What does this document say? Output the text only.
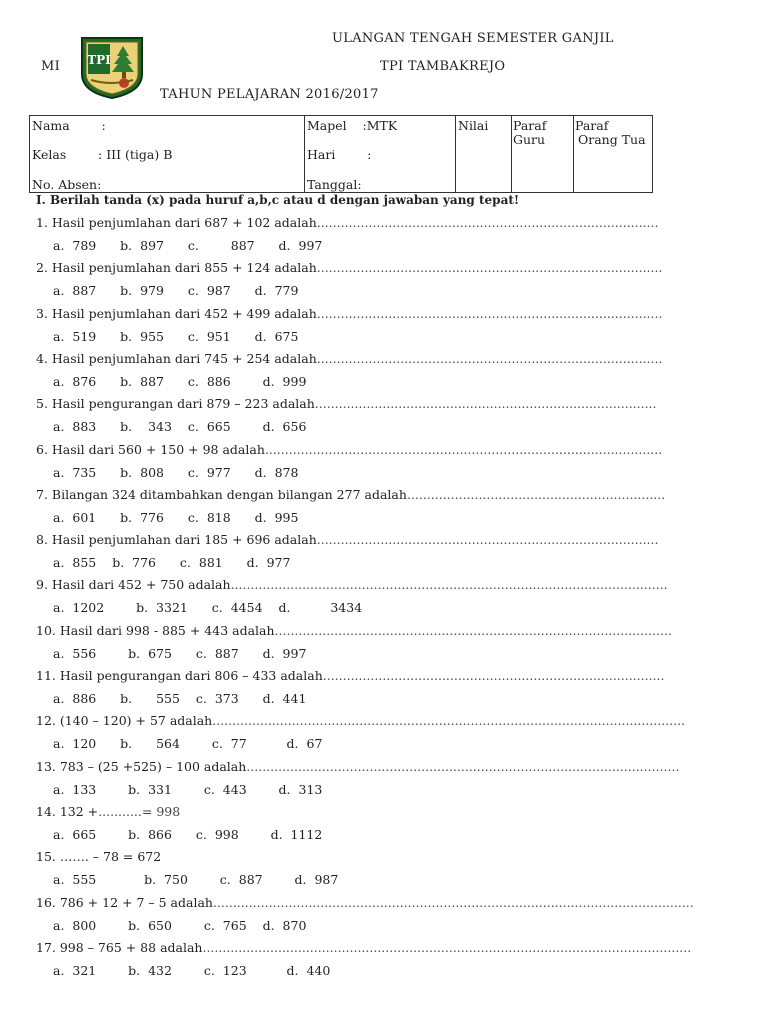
ULANGAN TENGAH SEMESTER GANJIL
MI	TPI TAMBAKREJO
TAHUN PELAJARAN 2016/2017
TPI
Nama        :
Kelas        : III (tiga) B
No. Absen:
Mapel    :MTK
Hari        :
Tanggal:
Nilai Paraf
Guru
Paraf
Orang Tua
I. Berilah tanda (x) pada huruf a,b,c atau d dengan jawaban yang tepat!
1. Hasil penjumlahan dari 687 + 102 adalah......................................................................................
a. 789   b. 897   c.    887   d. 997
2. Hasil penjumlahan dari 855 + 124 adalah.......................................................................................
a. 887   b. 979   c. 987   d. 779
3. Hasil penjumlahan dari 452 + 499 adalah.......................................................................................
a. 519   b. 955   c. 951   d. 675
4. Hasil penjumlahan dari 745 + 254 adalah.......................................................................................
a. 876   b. 887   c. 886    d. 999
5. Hasil pengurangan dari 879 – 223 adalah......................................................................................
a. 883   b.  343  c. 665    d. 656
6. Hasil dari 560 + 150 + 98 adalah....................................................................................................
a. 735   b. 808   c. 977   d. 878
7. Bilangan 324 ditambahkan dengan bilangan 277 adalah.................................................................
a. 601   b. 776   c. 818   d. 995
8. Hasil penjumlahan dari 185 + 696 adalah......................................................................................
a. 855  b. 776   c. 881   d. 977
9. Hasil dari 452 + 750 adalah..............................................................................................................
a. 1202    b. 3321   c. 4454  d.     3434
10. Hasil dari 998 - 885 + 443 adalah....................................................................................................
a. 556    b. 675   c. 887   d. 997
11. Hasil pengurangan dari 806 – 433 adalah......................................................................................
a. 886   b.   555  c. 373   d. 441
12. (140 – 120) + 57 adalah.......................................................................................................................
a. 120   b.   564    c. 77     d. 67
13. 783 – (25 +525) – 100 adalah.............................................................................................................
a. 133    b. 331    c. 443    d. 313
14. 132 +...........= 998
a. 665    b. 866   c. 998    d. 1112
15. ……. – 78 = 672
a. 555      b. 750    c. 887    d. 987
16. 786 + 12 + 7 – 5 adalah.........................................................................................................................
a. 800    b. 650    c. 765  d. 870
17. 998 – 765 + 88 adalah...........................................................................................................................
a. 321    b. 432    c. 123     d. 440
